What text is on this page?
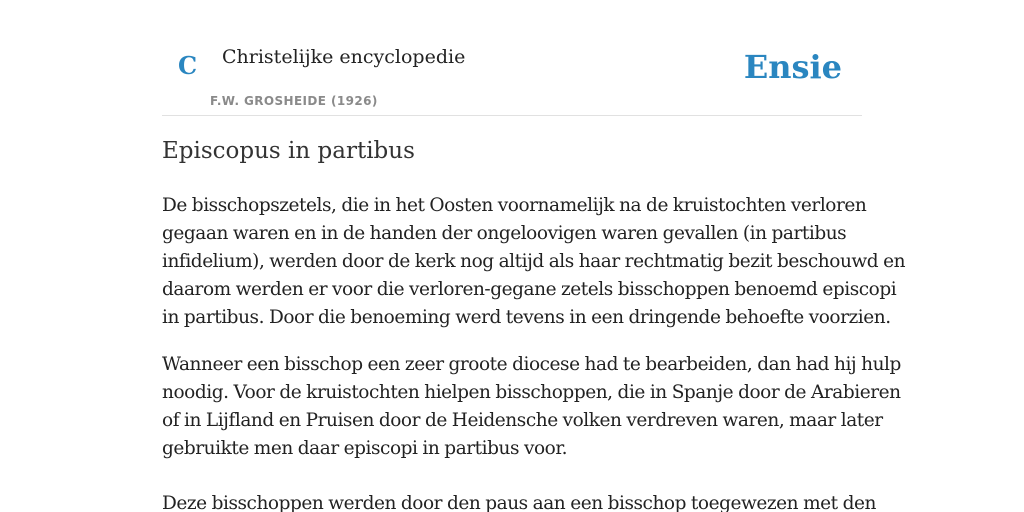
C Christelijke encyclopedie
F.W. GROSHEIDE (1926)
Ensie
Episcopus in partibus

De bisschopszetels, die in het Oosten voornamelijk na de kruistochten verloren
gegaan waren en in de handen der ongeloovigen waren gevallen (in partibus
infidelium), werden door de kerk nog altijd als haar rechtmatig bezit beschouwd en
daarom werden er voor die verloren-gegane zetels bisschoppen benoemd episcopi
in partibus. Door die benoeming werd tevens in een dringende behoefte voorzien.

Wanneer een bisschop een zeer groote diocese had te bearbeiden, dan had hij hulp
noodig. Voor de kruistochten hielpen bisschoppen, die in Spanje door de Arabieren
of in Lijfland en Pruisen door de Heidensche volken verdreven waren, maar later
gebruikte men daar episcopi in partibus voor.

Deze bisschoppen werden door den paus aan een bisschop toegewezen met den
